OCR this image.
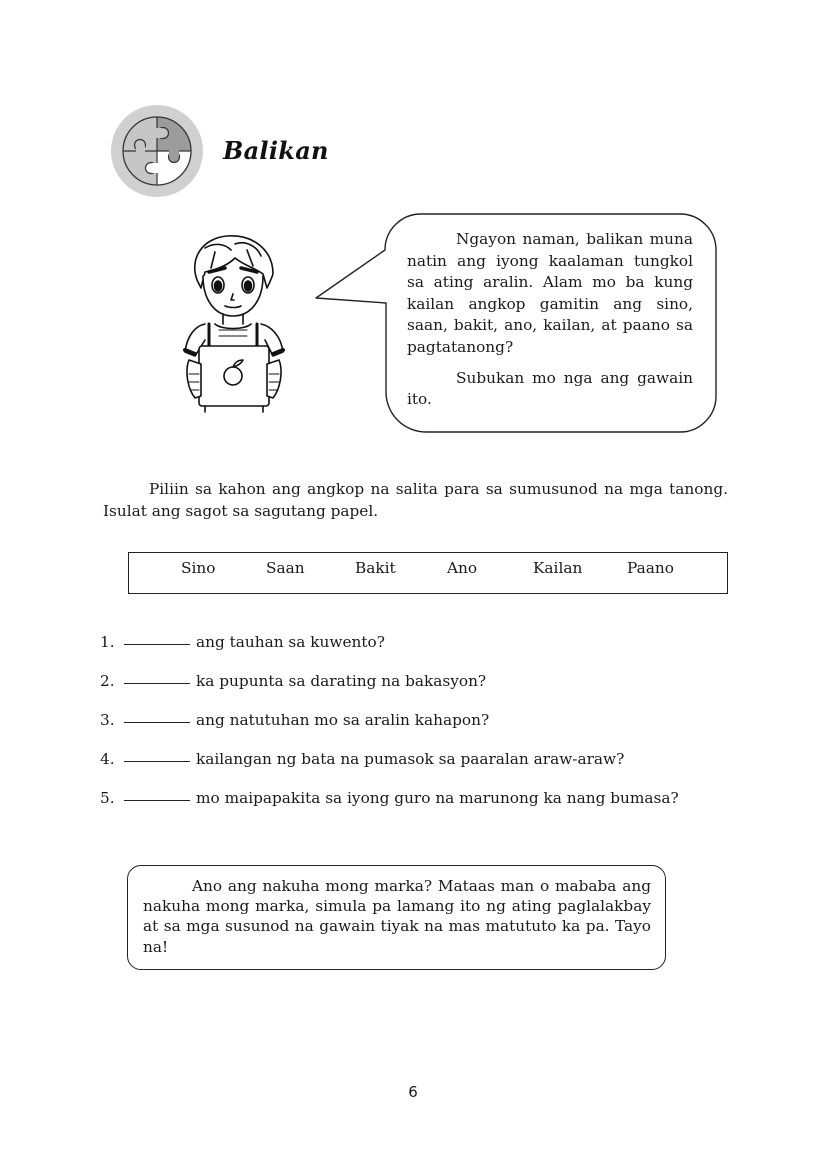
Balikan

Ngayon naman, balikan muna natin ang iyong kaalaman tungkol sa ating aralin. Alam mo ba kung kailan angkop gamitin ang sino, saan, bakit, ano, kailan, at paano sa pagtatanong?

Subukan mo nga ang gawain ito.

Piliin sa kahon ang angkop na salita para sa sumusunod na mga tanong. Isulat ang sagot sa sagutang papel.

Sino	Saan	Bakit	Ano	Kailan	Paano
1.	ang tauhan sa kuwento?
2.	ka pupunta sa darating na bakasyon?
3.	ang natutuhan mo sa aralin kahapon?
4.	kailangan ng bata na pumasok sa paaralan araw-araw?
5.	mo maipapakita sa iyong guro na marunong ka nang bumasa?

Ano ang nakuha mong marka? Mataas man o mababa ang nakuha mong marka, simula pa lamang ito ng ating paglalakbay at sa mga susunod na gawain tiyak na mas matututo ka pa. Tayo na!

6
